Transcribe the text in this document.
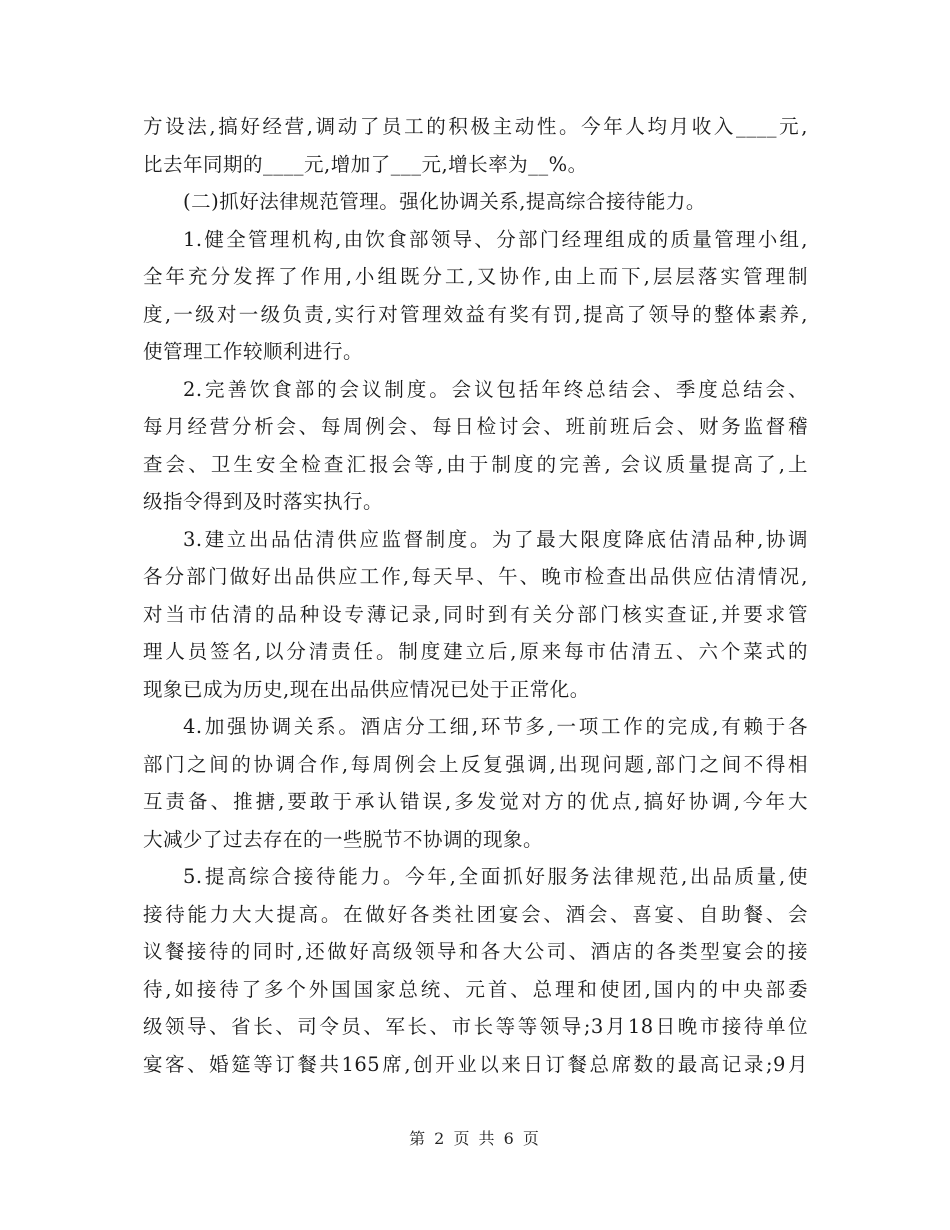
方设法,搞好经营,调动了员工的积极主动性。今年人均月收入____元,
比去年同期的____元,增加了___元,增长率为__%。
(二)抓好法律规范管理。强化协调关系,提高综合接待能力。
1.健全管理机构,由饮食部领导、分部门经理组成的质量管理小组,
全年充分发挥了作用,小组既分工,又协作,由上而下,层层落实管理制
度,一级对一级负责,实行对管理效益有奖有罚,提高了领导的整体素养,
使管理工作较顺利进行。
2.完善饮食部的会议制度。会议包括年终总结会、季度总结会、
每月经营分析会、每周例会、每日检讨会、班前班后会、财务监督稽
查会、卫生安全检查汇报会等,由于制度的完善, 会议质量提高了,上
级指令得到及时落实执行。
3.建立出品估清供应监督制度。为了最大限度降底估清品种,协调
各分部门做好出品供应工作,每天早、午、晚市检查出品供应估清情况,
对当市估清的品种设专薄记录,同时到有关分部门核实查证,并要求管
理人员签名,以分清责任。制度建立后,原来每市估清五、六个菜式的
现象已成为历史,现在出品供应情况已处于正常化。
4.加强协调关系。酒店分工细,环节多,一项工作的完成,有赖于各
部门之间的协调合作,每周例会上反复强调,出现问题,部门之间不得相
互责备、推搪,要敢于承认错误,多发觉对方的优点,搞好协调,今年大
大减少了过去存在的一些脱节不协调的现象。
5.提高综合接待能力。今年,全面抓好服务法律规范,出品质量,使
接待能力大大提高。在做好各类社团宴会、酒会、喜宴、自助餐、会
议餐接待的同时,还做好高级领导和各大公司、酒店的各类型宴会的接
待,如接待了多个外国国家总统、元首、总理和使团,国内的中央部委
级领导、省长、司令员、军长、市长等等领导;3月18日晚市接待单位
宴客、婚筵等订餐共165席,创开业以来日订餐总席数的最高记录;9月
第 2 页 共 6 页
